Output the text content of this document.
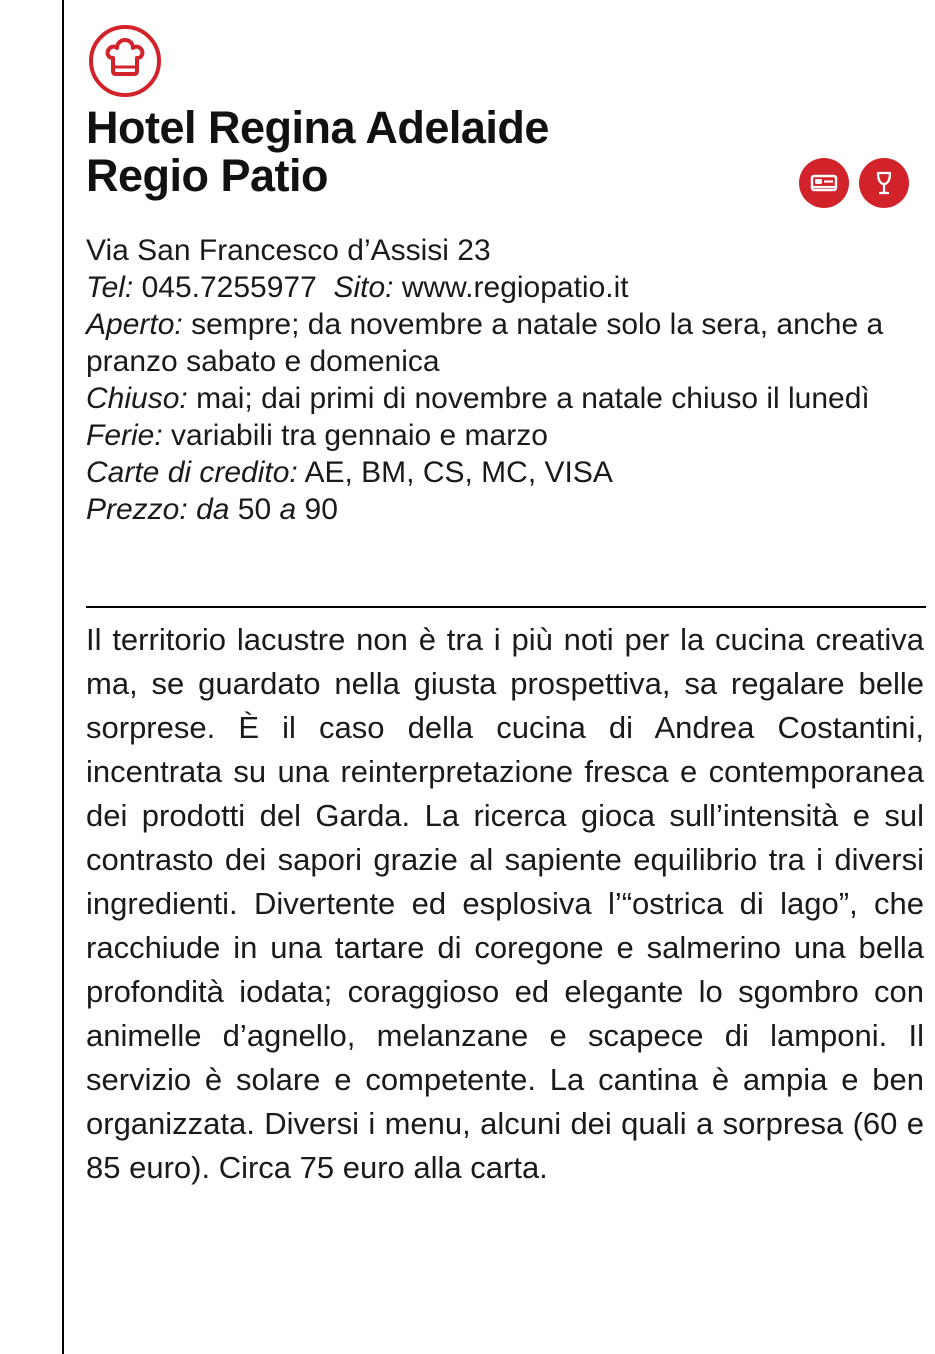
Hotel Regina Adelaide
Regio Patio
Via San Francesco d’Assisi 23
Tel: 045.7255977 Sito: www.regiopatio.it
Aperto: sempre; da novembre a natale solo la sera, anche a pranzo sabato e domenica
Chiuso: mai; dai primi di novembre a natale chiuso il lunedì
Ferie: variabili tra gennaio e marzo
Carte di credito: AE, BM, CS, MC, VISA
Prezzo: da 50 a 90

Il territorio lacustre non è tra i più noti per la cucina creativa ma, se guardato nella giusta prospettiva, sa regalare belle sorprese. È il caso della cucina di Andrea Costantini, incentrata su una reinterpretazione fresca e contemporanea dei prodotti del Garda. La ricerca gioca sull’intensità e sul contrasto dei sapori grazie al sapiente equilibrio tra i diversi ingredienti. Divertente ed esplosiva l’“ostrica di lago”, che racchiude in una tartare di coregone e salmerino una bella profondità iodata; coraggioso ed elegante lo sgombro con animelle d’agnello, melanzane e scapece di lamponi. Il servizio è solare e competente. La cantina è ampia e ben organizzata. Diversi i menu, alcuni dei quali a sorpresa (60 e 85 euro). Circa 75 euro alla carta.
